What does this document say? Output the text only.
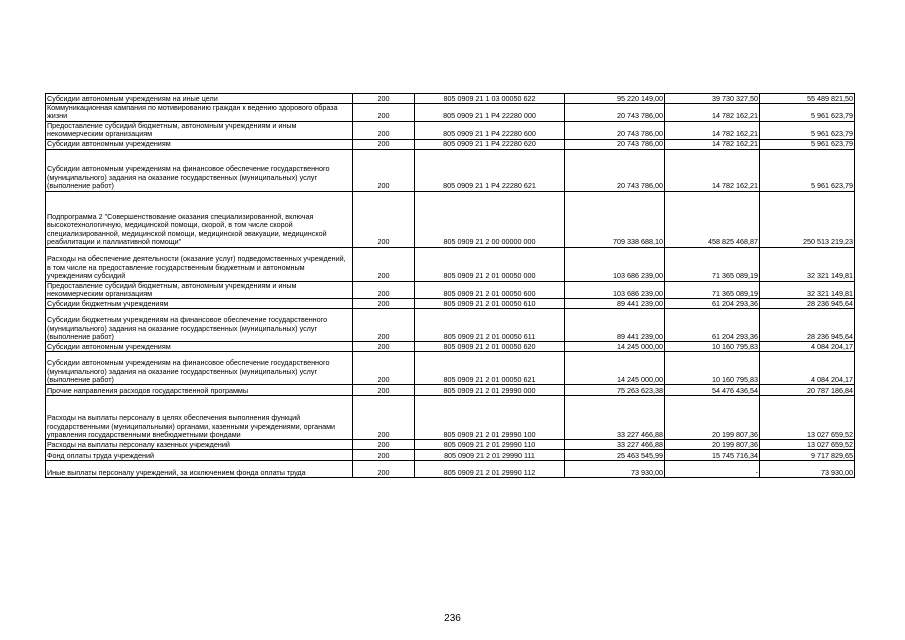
Субсидии автономным учреждениям на иные цели	200	805 0909 21 1 03 00050 622	95 220 149,00	39 730 327,50	55 489 821,50
Коммуникационная кампания по мотивированию граждан к ведению здорового образа жизни	200	805 0909 21 1 Р4 22280 000	20 743 786,00	14 782 162,21	5 961 623,79
Предоставление субсидий бюджетным, автономным учреждениям и иным некоммерческим организациям	200	805 0909 21 1 Р4 22280 600	20 743 786,00	14 782 162,21	5 961 623,79
Субсидии автономным учреждениям	200	805 0909 21 1 Р4 22280 620	20 743 786,00	14 782 162,21	5 961 623,79
Субсидии автономным учреждениям на финансовое обеспечение государственного (муниципального) задания на оказание государственных (муниципальных) услуг (выполнение работ)	200	805 0909 21 1 Р4 22280 621	20 743 786,00	14 782 162,21	5 961 623,79
Подпрограмма 2 "Совершенствование оказания специализированной, включая высокотехнологичную, медицинской помощи, скорой, в том числе скорой специализированной, медицинской помощи, медицинской эвакуации, медицинской реабилитации и паллиативной помощи"	200	805 0909 21 2 00 00000 000	709 338 688,10	458 825 468,87	250 513 219,23
Расходы на обеспечение деятельности (оказание услуг) подведомственных учреждений, в том числе на предоставление государственным бюджетным и автономным учреждениям субсидий	200	805 0909 21 2 01 00050 000	103 686 239,00	71 365 089,19	32 321 149,81
Предоставление субсидий бюджетным, автономным учреждениям и иным некоммерческим организациям	200	805 0909 21 2 01 00050 600	103 686 239,00	71 365 089,19	32 321 149,81
Субсидии бюджетным учреждениям	200	805 0909 21 2 01 00050 610	89 441 239,00	61 204 293,36	28 236 945,64
Субсидии бюджетным учреждениям на финансовое обеспечение государственного (муниципального) задания на оказание государственных (муниципальных) услуг (выполнение работ)	200	805 0909 21 2 01 00050 611	89 441 239,00	61 204 293,36	28 236 945,64
Субсидии автономным учреждениям	200	805 0909 21 2 01 00050 620	14 245 000,00	10 160 795,83	4 084 204,17
Субсидии автономным учреждениям на финансовое обеспечение государственного (муниципального) задания на оказание государственных (муниципальных) услуг (выполнение работ)	200	805 0909 21 2 01 00050 621	14 245 000,00	10 160 795,83	4 084 204,17
Прочие направления расходов государственной программы	200	805 0909 21 2 01 29990 000	75 263 623,38	54 476 436,54	20 787 186,84
Расходы на выплаты персоналу в целях обеспечения выполнения функций государственными (муниципальными) органами, казенными учреждениями, органами управления государственными внебюджетными фондами	200	805 0909 21 2 01 29990 100	33 227 466,88	20 199 807,36	13 027 659,52
Расходы на выплаты персоналу казенных учреждений	200	805 0909 21 2 01 29990 110	33 227 466,88	20 199 807,36	13 027 659,52
Фонд оплаты труда учреждений	200	805 0909 21 2 01 29990 111	25 463 545,99	15 745 716,34	9 717 829,65
Иные выплаты персоналу учреждений, за исключением фонда оплаты труда	200	805 0909 21 2 01 29990 112	73 930,00	-	73 930,00
236
